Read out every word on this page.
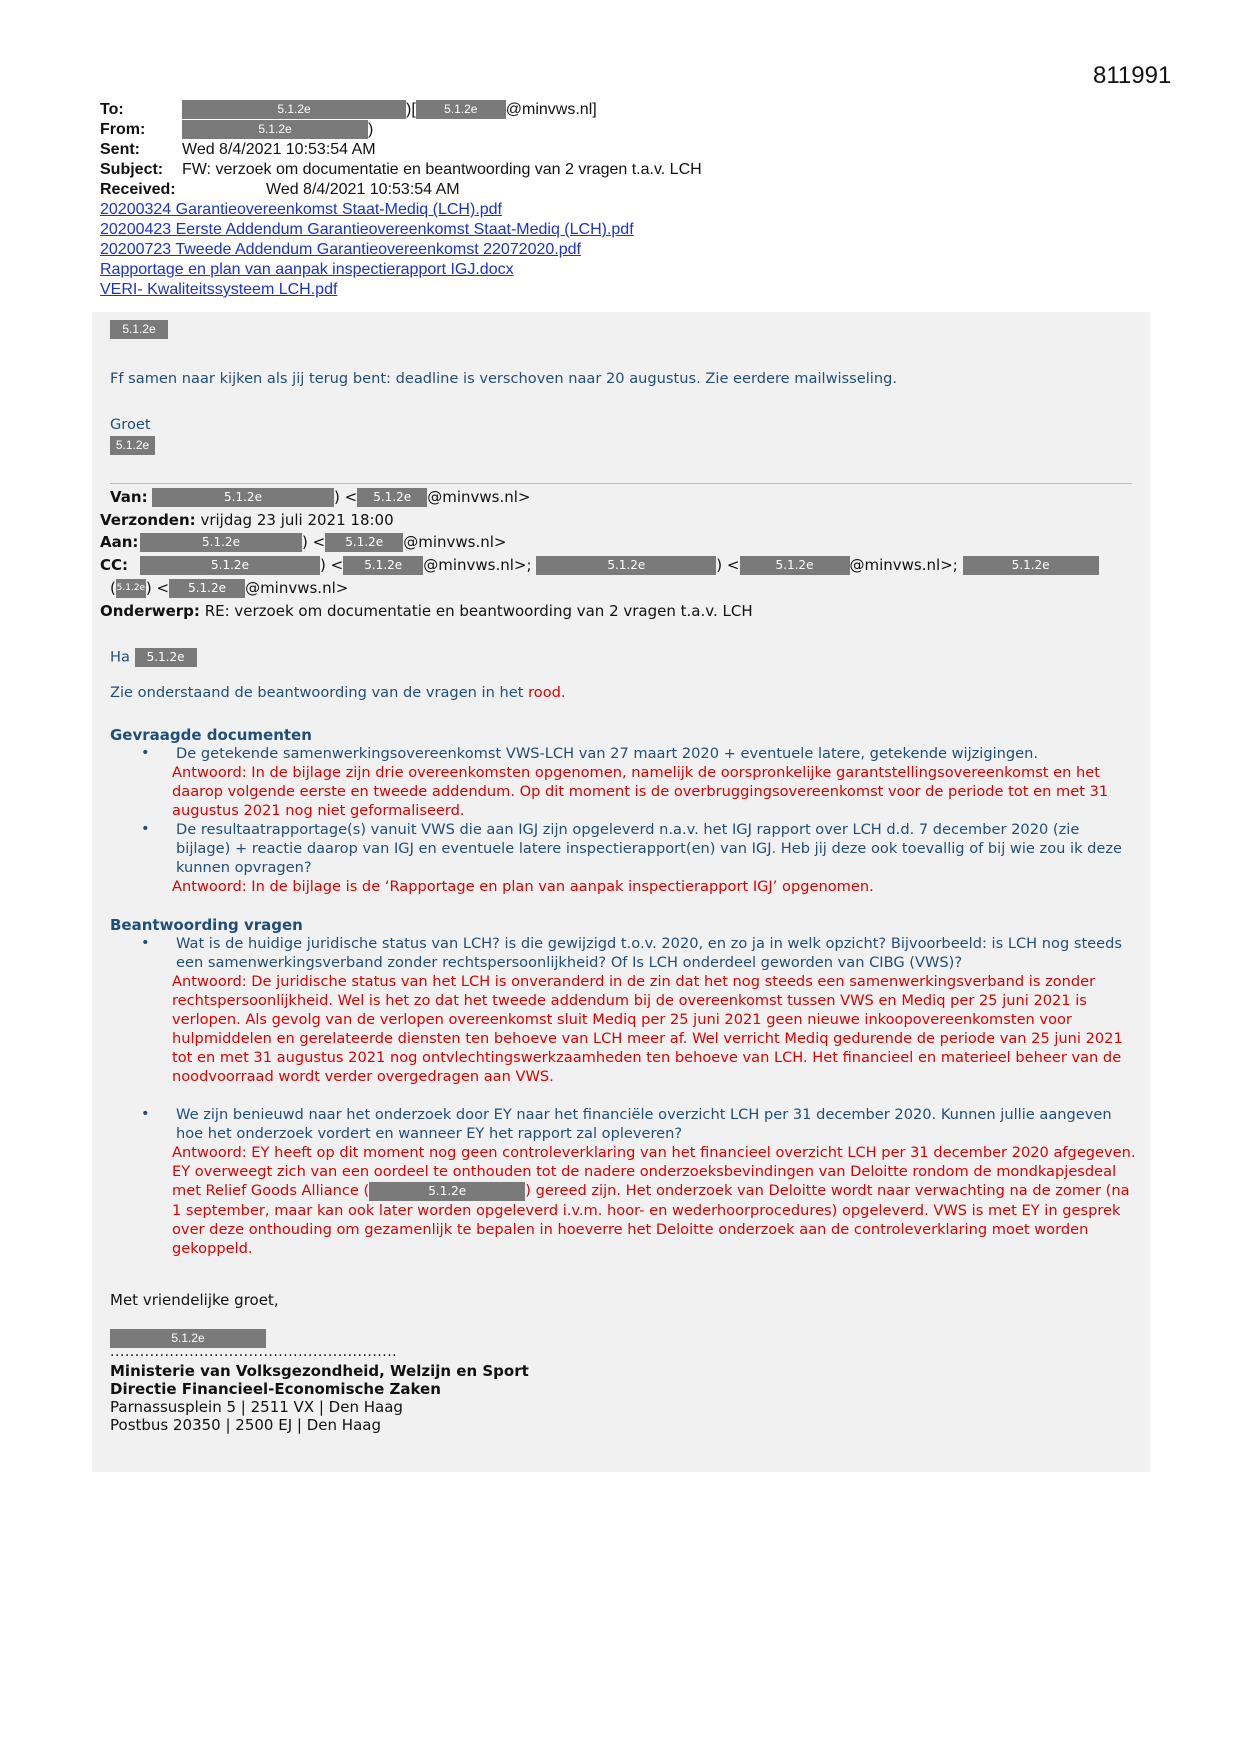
811991
To:	5.1.2e	)[ 5.1.2e @minvws.nl]
From:	5.1.2e	)
Sent:	Wed 8/4/2021 10:53:54 AM
Subject: FW: verzoek om documentatie en beantwoording van 2 vragen t.a.v. LCH
Received:	Wed 8/4/2021 10:53:54 AM
20200324 Garantieovereenkomst Staat-Mediq (LCH).pdf
20200423 Eerste Addendum Garantieovereenkomst Staat-Mediq (LCH).pdf
20200723 Tweede Addendum Garantieovereenkomst 22072020.pdf
Rapportage en plan van aanpak inspectierapport IGJ.docx
VERI- Kwaliteitssysteem LCH.pdf
5.1.2e
Ff samen naar kijken als jij terug bent: deadline is verschoven naar 20 augustus. Zie eerdere mailwisseling.
Groet
5.1.2e
Van:	5.1.2e	) < 5.1.2e @minvws.nl>
Verzonden: vrijdag 23 juli 2021 18:00
Aan:	5.1.2e	) < 5.1.2e @minvws.nl>
CC:	5.1.2e	) < 5.1.2e @minvws.nl>;	5.1.2e	) <	5.1.2e @minvws.nl>;	5.1.2e
(5.1.2e) < 5.1.2e @minvws.nl>
Onderwerp: RE: verzoek om documentatie en beantwoording van 2 vragen t.a.v. LCH
Ha 5.1.2e
Zie onderstaand de beantwoording van de vragen in het rood.
Gevraagde documenten
• De getekende samenwerkingsovereenkomst VWS-LCH van 27 maart 2020 + eventuele latere, getekende wijzigingen.
Antwoord: In de bijlage zijn drie overeenkomsten opgenomen, namelijk de oorspronkelijke garantstellingsovereenkomst en het daarop volgende eerste en tweede addendum. Op dit moment is de overbruggingsovereenkomst voor de periode tot en met 31 augustus 2021 nog niet geformaliseerd.
• De resultaatrapportage(s) vanuit VWS die aan IGJ zijn opgeleverd n.a.v. het IGJ rapport over LCH d.d. 7 december 2020 (zie bijlage) + reactie daarop van IGJ en eventuele latere inspectierapport(en) van IGJ. Heb jij deze ook toevallig of bij wie zou ik deze kunnen opvragen?
Antwoord: In de bijlage is de ‘Rapportage en plan van aanpak inspectierapport IGJ’ opgenomen.
Beantwoording vragen
• Wat is de huidige juridische status van LCH? is die gewijzigd t.o.v. 2020, en zo ja in welk opzicht? Bijvoorbeeld: is LCH nog steeds een samenwerkingsverband zonder rechtspersoonlijkheid? Of Is LCH onderdeel geworden van CIBG (VWS)?
Antwoord: De juridische status van het LCH is onveranderd in de zin dat het nog steeds een samenwerkingsverband is zonder rechtspersoonlijkheid. Wel is het zo dat het tweede addendum bij de overeenkomst tussen VWS en Mediq per 25 juni 2021 is verlopen. Als gevolg van de verlopen overeenkomst sluit Mediq per 25 juni 2021 geen nieuwe inkoopovereenkomsten voor hulpmiddelen en gerelateerde diensten ten behoeve van LCH meer af. Wel verricht Mediq gedurende de periode van 25 juni 2021 tot en met 31 augustus 2021 nog ontvlechtingswerkzaamheden ten behoeve van LCH. Het financieel en materieel beheer van de noodvoorraad wordt verder overgedragen aan VWS.
• We zijn benieuwd naar het onderzoek door EY naar het financiële overzicht LCH per 31 december 2020. Kunnen jullie aangeven hoe het onderzoek vordert en wanneer EY het rapport zal opleveren?
Antwoord: EY heeft op dit moment nog geen controleverklaring van het financieel overzicht LCH per 31 december 2020 afgegeven. EY overweegt zich van een oordeel te onthouden tot de nadere onderzoeksbevindingen van Deloitte rondom de mondkapjesdeal met Relief Goods Alliance (	5.1.2e	) gereed zijn. Het onderzoek van Deloitte wordt naar verwachting na de zomer (na 1 september, maar kan ook later worden opgeleverd i.v.m. hoor- en wederhoorprocedures) opgeleverd. VWS is met EY in gesprek over deze onthouding om gezamenlijk te bepalen in hoeverre het Deloitte onderzoek aan de controleverklaring moet worden gekoppeld.
Met vriendelijke groet,
5.1.2e
..........................................................
Ministerie van Volksgezondheid, Welzijn en Sport
Directie Financieel-Economische Zaken
Parnassusplein 5 | 2511 VX | Den Haag
Postbus 20350 | 2500 EJ | Den Haag
